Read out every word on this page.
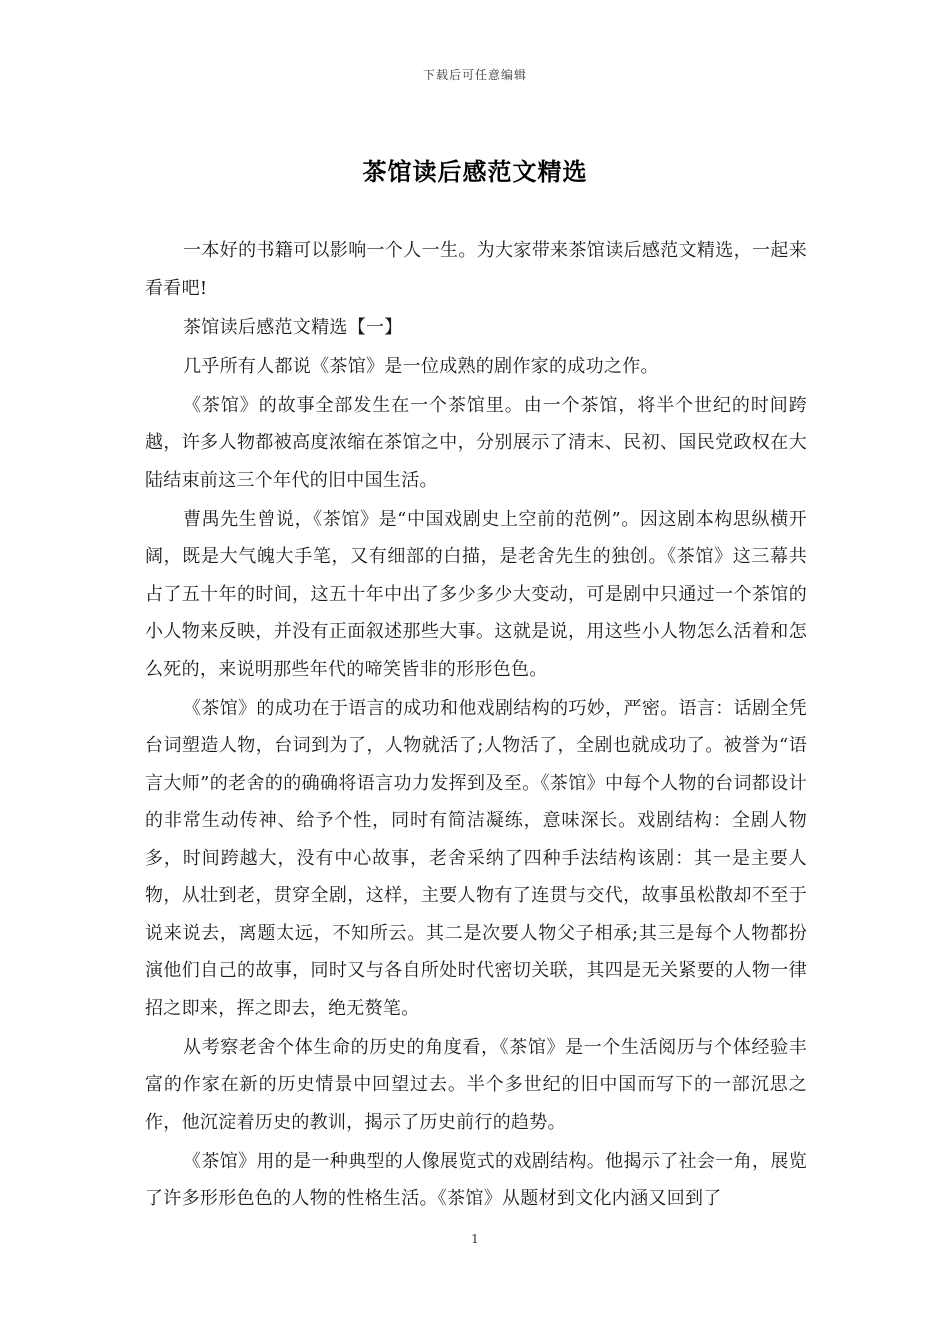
下载后可任意编辑
茶馆读后感范文精选

一本好的书籍可以影响一个人一生。为大家带来茶馆读后感范文精选，一起来看看吧!

茶馆读后感范文精选【一】

几乎所有人都说《茶馆》是一位成熟的剧作家的成功之作。

《茶馆》的故事全部发生在一个茶馆里。由一个茶馆，将半个世纪的时间跨越，许多人物都被高度浓缩在茶馆之中，分别展示了清末、民初、国民党政权在大陆结束前这三个年代的旧中国生活。

曹禺先生曾说，《茶馆》是“中国戏剧史上空前的范例”。因这剧本构思纵横开阔，既是大气魄大手笔，又有细部的白描，是老舍先生的独创。《茶馆》这三幕共占了五十年的时间，这五十年中出了多少多少大变动，可是剧中只通过一个茶馆的小人物来反映，并没有正面叙述那些大事。这就是说，用这些小人物怎么活着和怎么死的，来说明那些年代的啼笑皆非的形形色色。

《茶馆》的成功在于语言的成功和他戏剧结构的巧妙，严密。语言：话剧全凭台词塑造人物，台词到为了，人物就活了;人物活了，全剧也就成功了。被誉为“语言大师”的老舍的的确确将语言功力发挥到及至。《茶馆》中每个人物的台词都设计的非常生动传神、给予个性，同时有简洁凝练，意味深长。戏剧结构：全剧人物多，时间跨越大，没有中心故事，老舍采纳了四种手法结构该剧：其一是主要人物，从壮到老，贯穿全剧，这样，主要人物有了连贯与交代，故事虽松散却不至于说来说去，离题太远，不知所云。其二是次要人物父子相承;其三是每个人物都扮演他们自己的故事，同时又与各自所处时代密切关联，其四是无关紧要的人物一律招之即来，挥之即去，绝无赘笔。

从考察老舍个体生命的历史的角度看，《茶馆》是一个生活阅历与个体经验丰富的作家在新的历史情景中回望过去。半个多世纪的旧中国而写下的一部沉思之作，他沉淀着历史的教训，揭示了历史前行的趋势。

《茶馆》用的是一种典型的人像展览式的戏剧结构。他揭示了社会一角，展览了许多形形色色的人物的性格生活。《茶馆》从题材到文化内涵又回到了

1
